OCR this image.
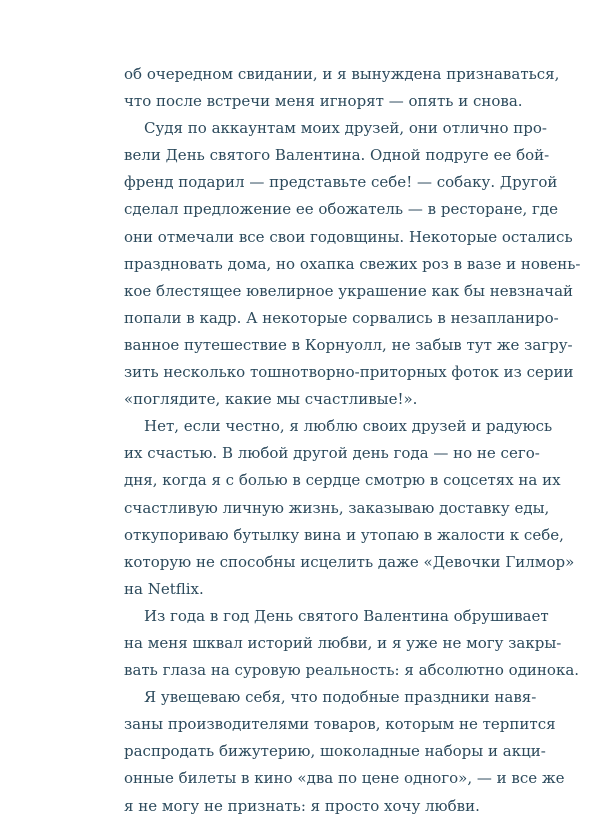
об очередном свидании, и я вынуждена признаваться,
что после встречи меня игнорят — опять и снова.
Судя по аккаунтам моих друзей, они отлично про-
вели День святого Валентина. Одной подруге ее бой-
френд подарил — представьте себе! — собаку. Другой
сделал предложение ее обожатель — в ресторане, где
они отмечали все свои годовщины. Некоторые остались
праздновать дома, но охапка свежих роз в вазе и новень-
кое блестящее ювелирное украшение как бы невзначай
попали в кадр. А некоторые сорвались в незапланиро-
ванное путешествие в Корнуолл, не забыв тут же загру-
зить несколько тошнотворно-приторных фоток из серии
«поглядите, какие мы счастливые!».
Нет, если честно, я люблю своих друзей и радуюсь
их счастью. В любой другой день года — но не сего-
дня, когда я с болью в сердце смотрю в соцсетях на их
счастливую личную жизнь, заказываю доставку еды,
откупориваю бутылку вина и утопаю в жалости к себе,
которую не способны исцелить даже «Девочки Гилмор»
на Netflix.
Из года в год День святого Валентина обрушивает
на меня шквал историй любви, и я уже не могу закры-
вать глаза на суровую реальность: я абсолютно одинока.
Я увещеваю себя, что подобные праздники навя-
заны производителями товаров, которым не терпится
распродать бижутерию, шоколадные наборы и акци-
онные билеты в кино «два по цене одного», — и все же
я не могу не признать: я просто хочу любви.
